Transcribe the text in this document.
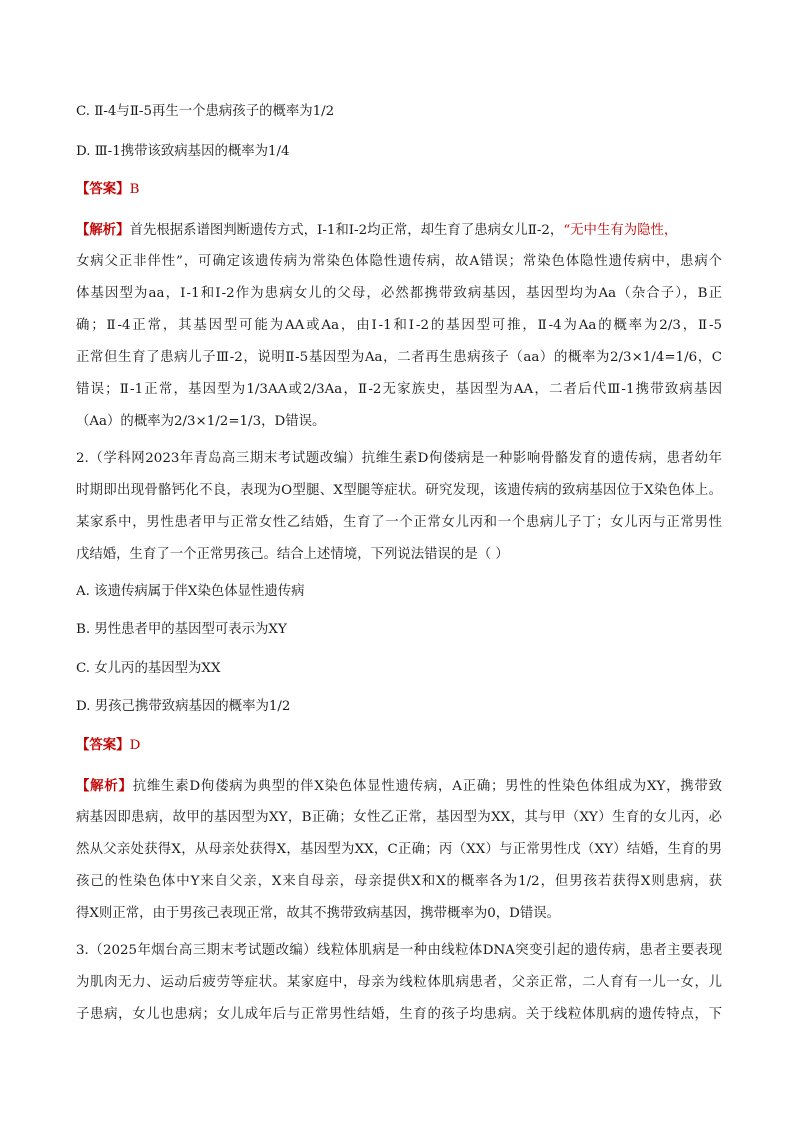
C. Ⅱ-4与Ⅱ-5再生一个患病孩子的概率为1/2
D. Ⅲ-1携带该致病基因的概率为1/4
【答案】B
【解析】首先根据系谱图判断遗传方式，Ⅰ-1和Ⅰ-2均正常，却生育了患病女儿Ⅱ-2，“无中生有为隐性，
女病父正非伴性”，可确定该遗传病为常染色体隐性遗传病，故A错误；常染色体隐性遗传病中，患病个
体基因型为aa，Ⅰ-1和Ⅰ-2作为患病女儿的父母，必然都携带致病基因，基因型均为Aa（杂合子），B正
确；Ⅱ-4正常，其基因型可能为AA或Aa，由Ⅰ-1和Ⅰ-2的基因型可推，Ⅱ-4为Aa的概率为2/3，Ⅱ-5
正常但生育了患病儿子Ⅲ-2，说明Ⅱ-5基因型为Aa，二者再生患病孩子（aa）的概率为2/3×1/4=1/6，C
错误；Ⅱ-1正常，基因型为1/3AA或2/3Aa，Ⅱ-2无家族史，基因型为AA，二者后代Ⅲ-1携带致病基因
（Aa）的概率为2/3×1/2=1/3，D错误。
2.（学科网2023年青岛高三期末考试题改编）抗维生素D佝偻病是一种影响骨骼发育的遗传病，患者幼年
时期即出现骨骼钙化不良，表现为O型腿、X型腿等症状。研究发现，该遗传病的致病基因位于X染色体上。
某家系中，男性患者甲与正常女性乙结婚，生育了一个正常女儿丙和一个患病儿子丁；女儿丙与正常男性
戊结婚，生育了一个正常男孩己。结合上述情境，下列说法错误的是（ ）
A. 该遗传病属于伴X染色体显性遗传病
B. 男性患者甲的基因型可表示为XY
C. 女儿丙的基因型为XX
D. 男孩己携带致病基因的概率为1/2
【答案】D
【解析】抗维生素D佝偻病为典型的伴X染色体显性遗传病，A正确；男性的性染色体组成为XY，携带致
病基因即患病，故甲的基因型为XY，B正确；女性乙正常，基因型为XX，其与甲（XY）生育的女儿丙，必
然从父亲处获得X，从母亲处获得X，基因型为XX，C正确；丙（XX）与正常男性戊（XY）结婚，生育的男
孩己的性染色体中Y来自父亲，X来自母亲，母亲提供X和X的概率各为1/2，但男孩若获得X则患病，获
得X则正常，由于男孩己表现正常，故其不携带致病基因，携带概率为0，D错误。
3.（2025年烟台高三期末考试题改编）线粒体肌病是一种由线粒体DNA突变引起的遗传病，患者主要表现
为肌肉无力、运动后疲劳等症状。某家庭中，母亲为线粒体肌病患者，父亲正常，二人育有一儿一女，儿
子患病，女儿也患病；女儿成年后与正常男性结婚，生育的孩子均患病。关于线粒体肌病的遗传特点，下
